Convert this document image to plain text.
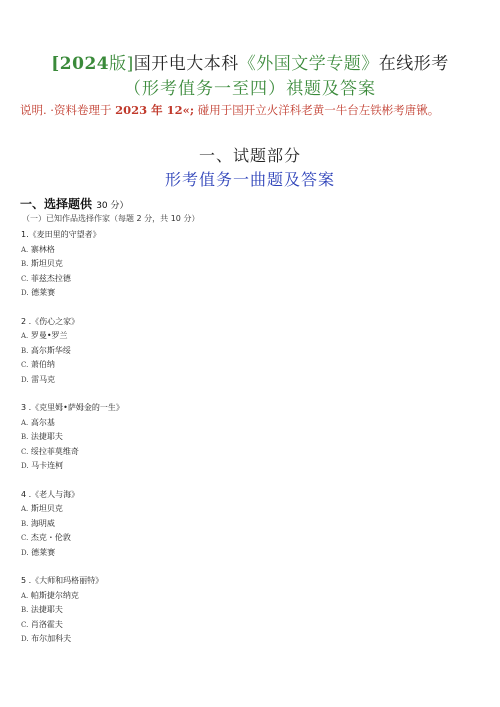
[2024版]国开电大本科《外国文学专题》在线形考
（形考值务一至四）祺题及答案
说明. ·资料卷理于 2023 年 12«; 碰用于国开立火洋科老黄一牛台左铁彬考唐锹。
一、试题部分
形考值务一曲题及答案
一、选择题供 30 分）
（一）已知作品选择作家（每题 2 分，共 10 分）
1.《麦田里的守望者》
A. 寨林格
B. 斯坦贝克
C. 菲兹杰拉德
D. 德莱赛
2 .《伤心之家》
A. 罗曼•罗兰
B. 高尔斯华绥
C. 萧伯纳
D. 雷马克
3 .《克里姆•萨姆金的一生》
A. 高尔基
B. 法捷耶夫
C. 绥拉菲莫维奇
D. 马卡连柯
4 .《老人与海》
A. 斯坦贝克
B. 海明威
C. 杰克・伦敦
D. 德莱赛
5 .《大师和玛格丽特》
A. 帕斯捷尔纳克
B. 法捷耶夫
C. 肖洛霍夫
D. 布尔加科夫
